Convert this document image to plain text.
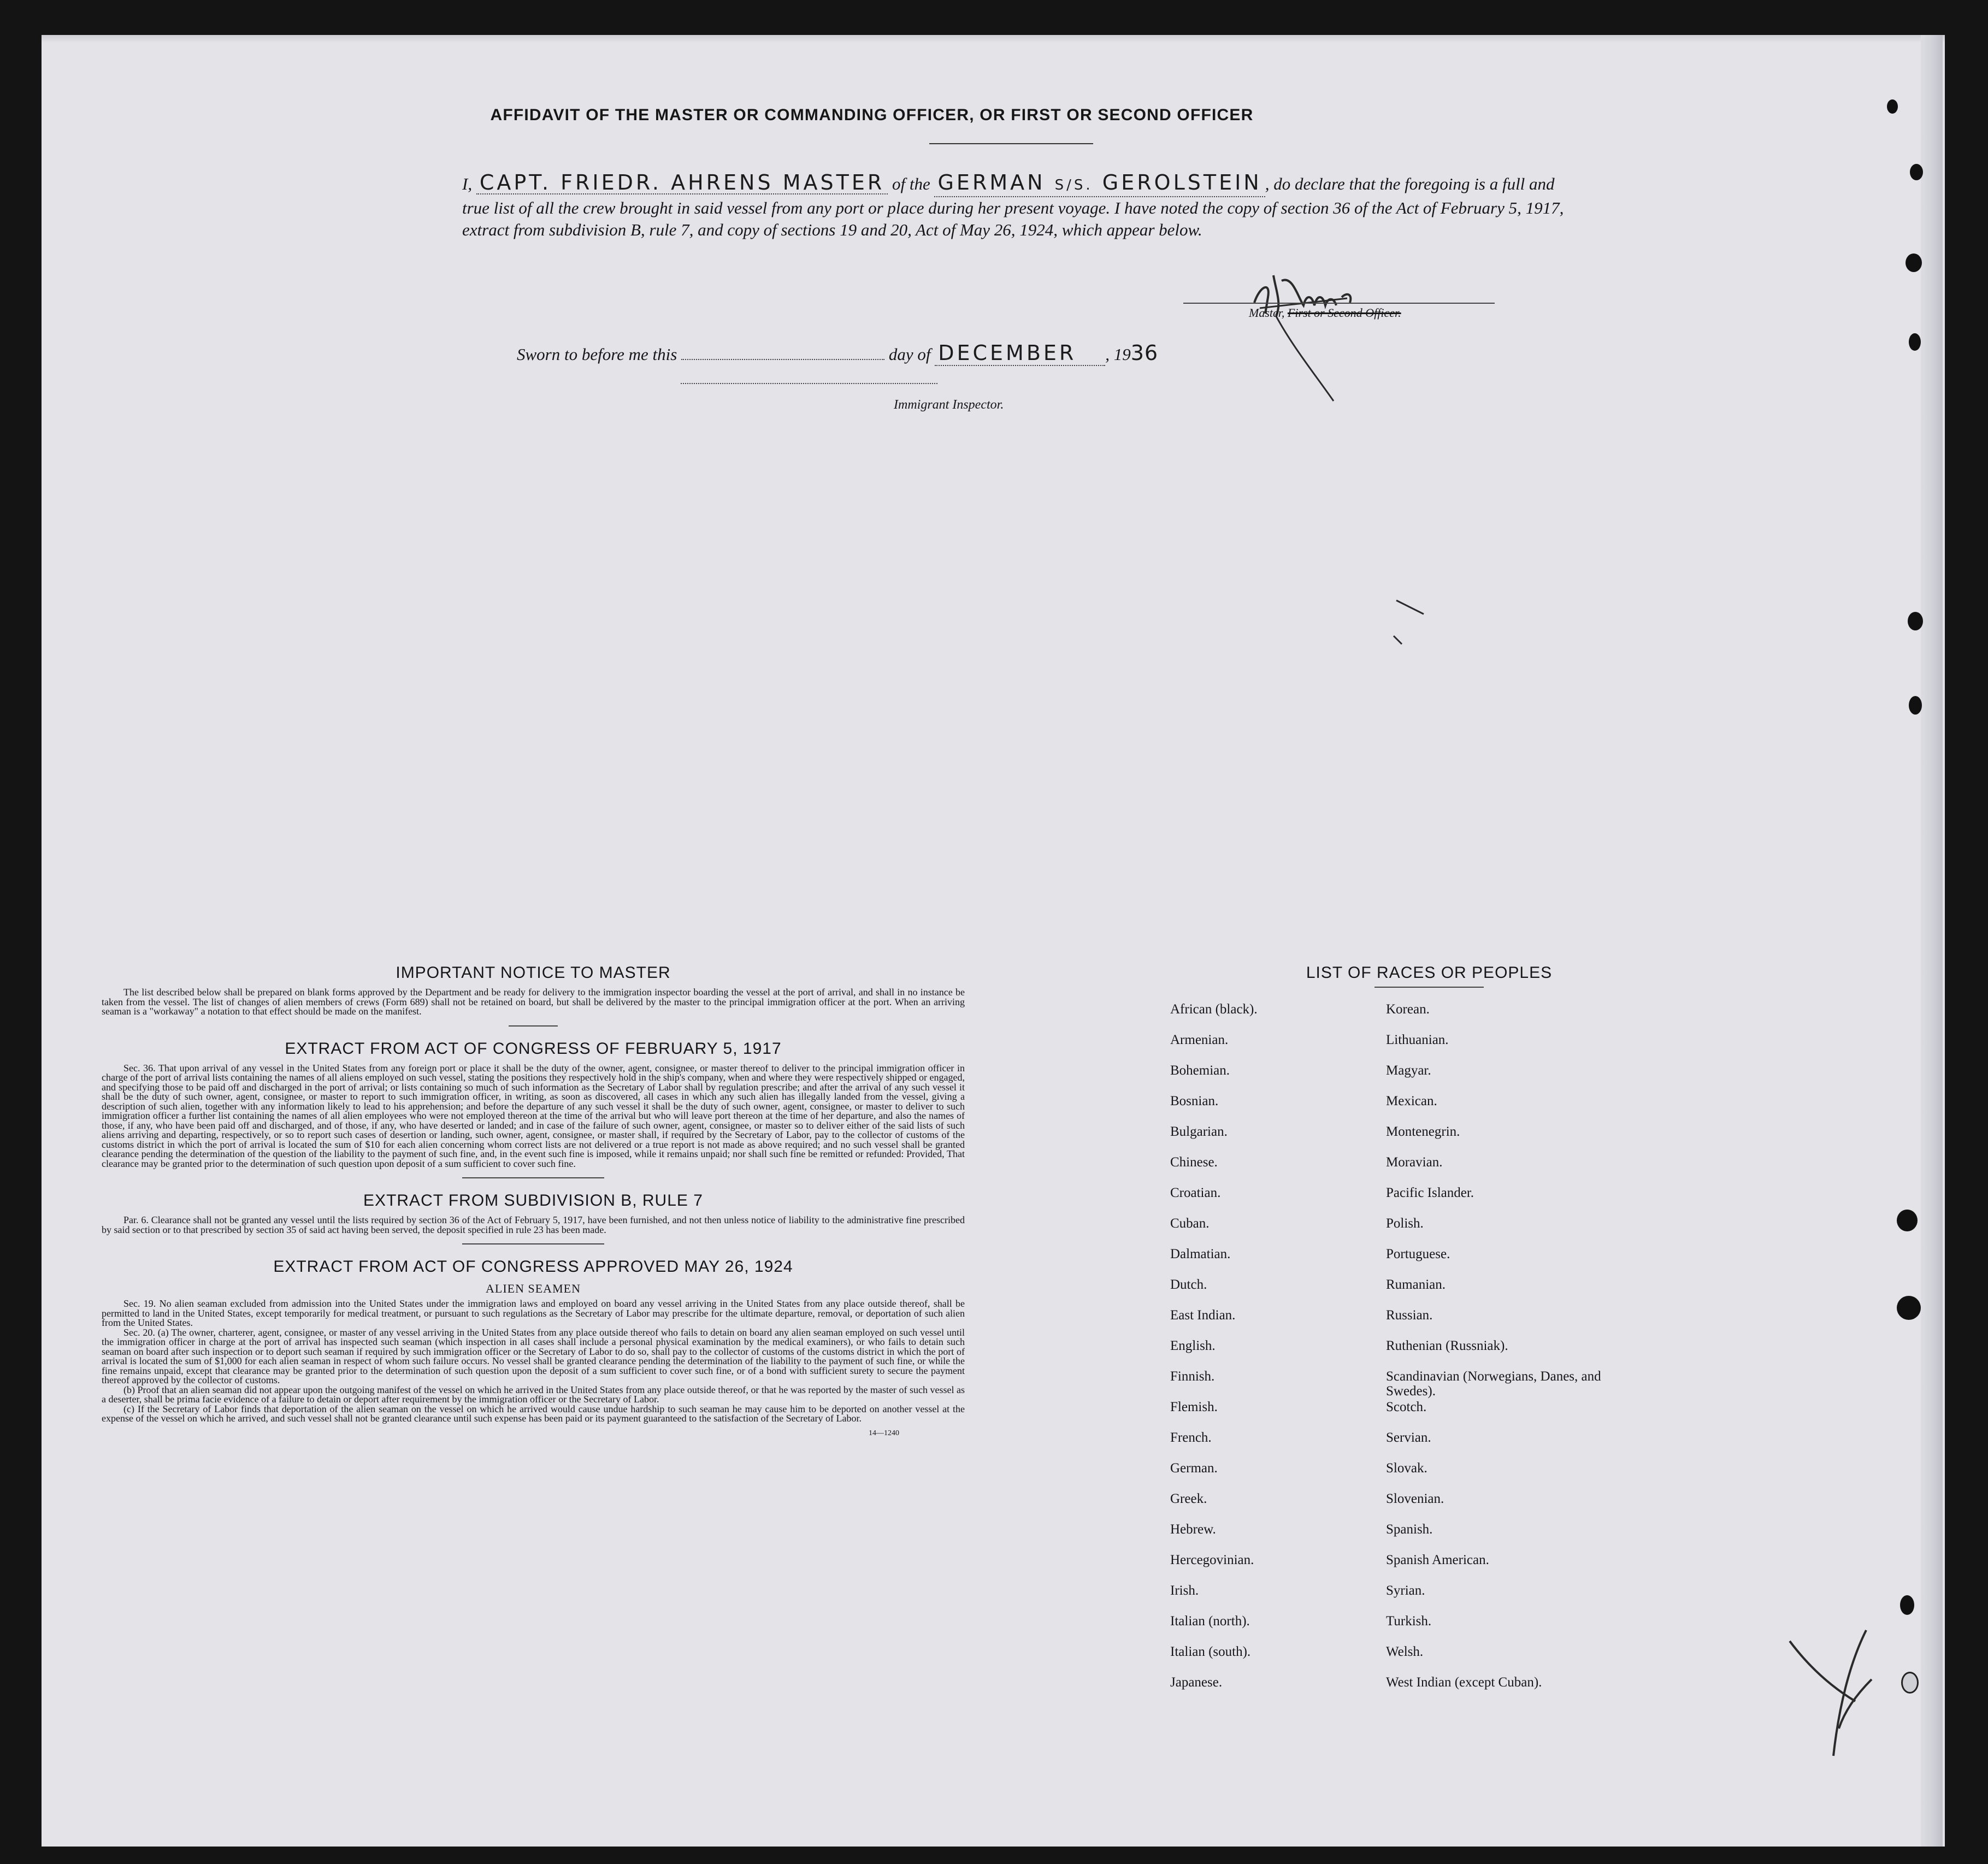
AFFIDAVIT OF THE MASTER OR COMMANDING OFFICER, OR FIRST OR SECOND OFFICER
I, CAPT. FRIEDR. AHRENS MASTER of the GERMAN S/S. GEROLSTEIN , do declare that the foregoing is a full and true list of all the crew brought in said vessel from any port or place during her present voyage. I have noted the copy of section 36 of the Act of February 5, 1917, extract from subdivision B, rule 7, and copy of sections 19 and 20, Act of May 26, 1924, which appear below.
Master, First or Second Officer.
Sworn to before me this	day of DECEMBER , 1936
Immigrant Inspector.
IMPORTANT NOTICE TO MASTER

The list described below shall be prepared on blank forms approved by the Department and be ready for delivery to the immigration inspector boarding the vessel at the port of arrival, and shall in no instance be taken from the vessel. The list of changes of alien members of crews (Form 689) shall not be retained on board, but shall be delivered by the master to the principal immigration officer at the port. When an arriving seaman is a "workaway" a notation to that effect should be made on the manifest.

EXTRACT FROM ACT OF CONGRESS OF FEBRUARY 5, 1917

Sec. 36. That upon arrival of any vessel in the United States from any foreign port or place it shall be the duty of the owner, agent, consignee, or master thereof to deliver to the principal immigration officer in charge of the port of arrival lists containing the names of all aliens employed on such vessel, stating the positions they respectively hold in the ship's company, when and where they were respectively shipped or engaged, and specifying those to be paid off and discharged in the port of arrival; or lists containing so much of such information as the Secretary of Labor shall by regulation prescribe; and after the arrival of any such vessel it shall be the duty of such owner, agent, consignee, or master to report to such immigration officer, in writing, as soon as discovered, all cases in which any such alien has illegally landed from the vessel, giving a description of such alien, together with any information likely to lead to his apprehension; and before the departure of any such vessel it shall be the duty of such owner, agent, consignee, or master to deliver to such immigration officer a further list containing the names of all alien employees who were not employed thereon at the time of the arrival but who will leave port thereon at the time of her departure, and also the names of those, if any, who have been paid off and discharged, and of those, if any, who have deserted or landed; and in case of the failure of such owner, agent, consignee, or master so to deliver either of the said lists of such aliens arriving and departing, respectively, or so to report such cases of desertion or landing, such owner, agent, consignee, or master shall, if required by the Secretary of Labor, pay to the collector of customs of the customs district in which the port of arrival is located the sum of $10 for each alien concerning whom correct lists are not delivered or a true report is not made as above required; and no such vessel shall be granted clearance pending the determination of the question of the liability to the payment of such fine, and, in the event such fine is imposed, while it remains unpaid; nor shall such fine be remitted or refunded: Provided, That clearance may be granted prior to the determination of such question upon deposit of a sum sufficient to cover such fine.

EXTRACT FROM SUBDIVISION B, RULE 7

Par. 6. Clearance shall not be granted any vessel until the lists required by section 36 of the Act of February 5, 1917, have been furnished, and not then unless notice of liability to the administrative fine prescribed by said section or to that prescribed by section 35 of said act having been served, the deposit specified in rule 23 has been made.

EXTRACT FROM ACT OF CONGRESS APPROVED MAY 26, 1924
ALIEN SEAMEN

Sec. 19. No alien seaman excluded from admission into the United States under the immigration laws and employed on board any vessel arriving in the United States from any place outside thereof, shall be permitted to land in the United States, except temporarily for medical treatment, or pursuant to such regulations as the Secretary of Labor may prescribe for the ultimate departure, removal, or deportation of such alien from the United States.

Sec. 20. (a) The owner, charterer, agent, consignee, or master of any vessel arriving in the United States from any place outside thereof who fails to detain on board any alien seaman employed on such vessel until the immigration officer in charge at the port of arrival has inspected such seaman (which inspection in all cases shall include a personal physical examination by the medical examiners), or who fails to detain such seaman on board after such inspection or to deport such seaman if required by such immigration officer or the Secretary of Labor to do so, shall pay to the collector of customs of the customs district in which the port of arrival is located the sum of $1,000 for each alien seaman in respect of whom such failure occurs. No vessel shall be granted clearance pending the determination of the liability to the payment of such fine, or while the fine remains unpaid, except that clearance may be granted prior to the determination of such question upon the deposit of a sum sufficient to cover such fine, or of a bond with sufficient surety to secure the payment thereof approved by the collector of customs.

(b) Proof that an alien seaman did not appear upon the outgoing manifest of the vessel on which he arrived in the United States from any place outside thereof, or that he was reported by the master of such vessel as a deserter, shall be prima facie evidence of a failure to detain or deport after requirement by the immigration officer or the Secretary of Labor.

(c) If the Secretary of Labor finds that deportation of the alien seaman on the vessel on which he arrived would cause undue hardship to such seaman he may cause him to be deported on another vessel at the expense of the vessel on which he arrived, and such vessel shall not be granted clearance until such expense has been paid or its payment guaranteed to the satisfaction of the Secretary of Labor.

14—1240
LIST OF RACES OR PEOPLES
African (black).
Armenian.
Bohemian.
Bosnian.
Bulgarian.
Chinese.
Croatian.
Cuban.
Dalmatian.
Dutch.
East Indian.
English.
Finnish.
Flemish.
French.
German.
Greek.
Hebrew.
Hercegovinian.
Irish.
Italian (north).
Italian (south).
Japanese.
Korean.
Lithuanian.
Magyar.
Mexican.
Montenegrin.
Moravian.
Pacific Islander.
Polish.
Portuguese.
Rumanian.
Russian.
Ruthenian (Russniak).
Scandinavian (Norwegians, Danes, and Swedes).
Scotch.
Servian.
Slovak.
Slovenian.
Spanish.
Spanish American.
Syrian.
Turkish.
Welsh.
West Indian (except Cuban).
